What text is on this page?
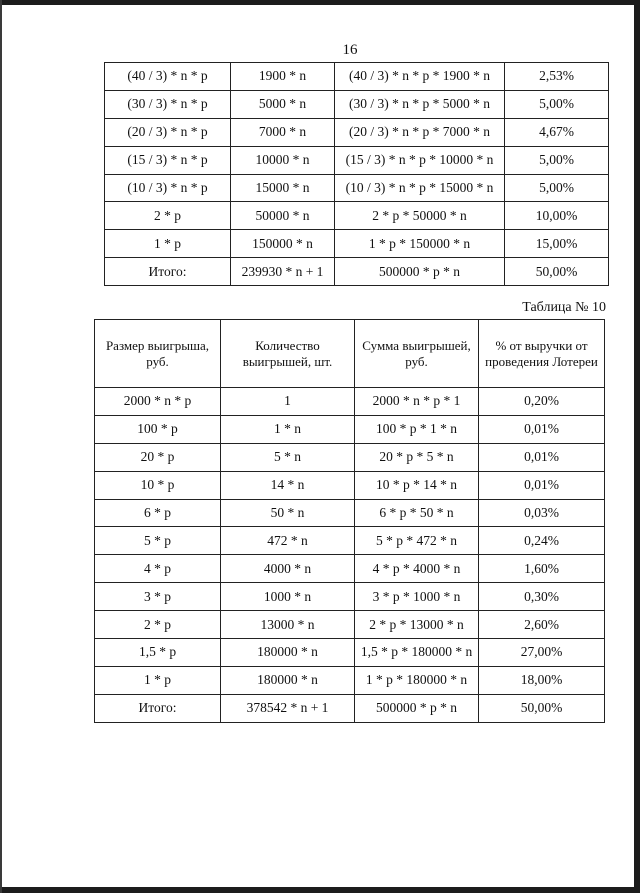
16
(40 / 3) * n * p	1900 * n	(40 / 3) * n * p * 1900 * n	2,53%
(30 / 3) * n * p	5000 * n	(30 / 3) * n * p * 5000 * n	5,00%
(20 / 3) * n * p	7000 * n	(20 / 3) * n * p * 7000 * n	4,67%
(15 / 3) * n * p	10000 * n	(15 / 3) * n * p * 10000 * n	5,00%
(10 / 3) * n * p	15000 * n	(10 / 3) * n * p * 15000 * n	5,00%
2 * p	50000 * n	2 * p * 50000 * n	10,00%
1 * p	150000 * n	1 * p * 150000 * n	15,00%
Итого:	239930 * n + 1	500000 * p * n	50,00%
Таблица № 10
Размер выигрыша, руб.	Количество выигрышей, шт.	Сумма выигрышей, руб.	% от выручки от проведения Лотереи
2000 * n * p	1	2000 * n * p * 1	0,20%
100 * p	1 * n	100 * p * 1 * n	0,01%
20 * p	5 * n	20 * p * 5 * n	0,01%
10 * p	14 * n	10 * p * 14 * n	0,01%
6 * p	50 * n	6 * p * 50 * n	0,03%
5 * p	472 * n	5 * p * 472 * n	0,24%
4 * p	4000 * n	4 * p * 4000 * n	1,60%
3 * p	1000 * n	3 * p * 1000 * n	0,30%
2 * p	13000 * n	2 * p * 13000 * n	2,60%
1,5 * p	180000 * n	1,5 * p * 180000 * n	27,00%
1 * p	180000 * n	1 * p * 180000 * n	18,00%
Итого:	378542 * n + 1	500000 * p * n	50,00%
